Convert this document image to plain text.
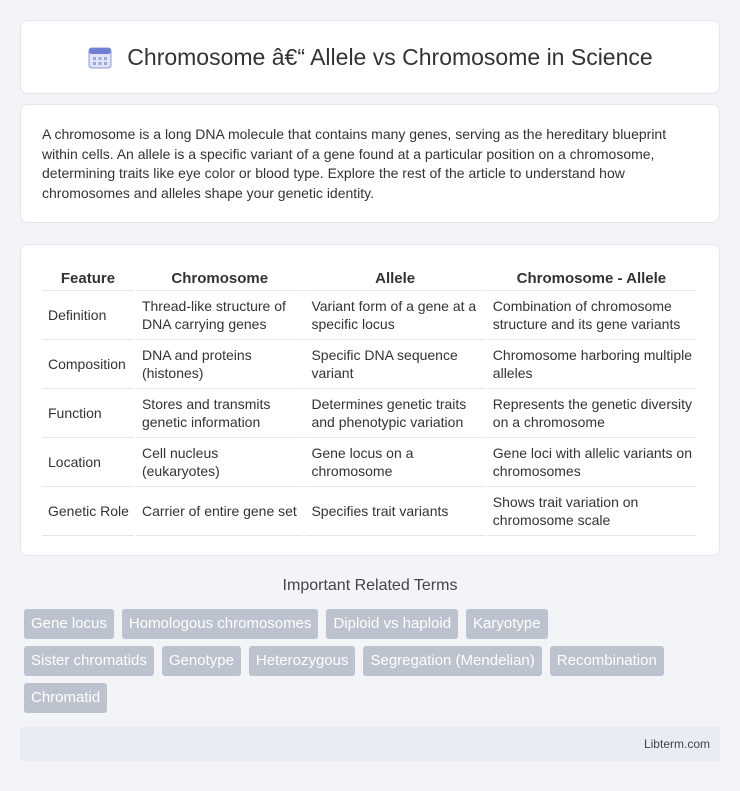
Chromosome â€“ Allele vs Chromosome in Science

A chromosome is a long DNA molecule that contains many genes, serving as the hereditary blueprint within cells. An allele is a specific variant of a gene found at a particular position on a chromosome, determining traits like eye color or blood type. Explore the rest of the article to understand how chromosomes and alleles shape your genetic identity.

Feature	Chromosome	Allele	Chromosome - Allele
Definition	Thread-like structure of DNA carrying genes	Variant form of a gene at a specific locus	Combination of chromosome structure and its gene variants
Composition	DNA and proteins (histones)	Specific DNA sequence variant	Chromosome harboring multiple alleles
Function	Stores and transmits genetic information	Determines genetic traits and phenotypic variation	Represents the genetic diversity on a chromosome
Location	Cell nucleus (eukaryotes)	Gene locus on a chromosome	Gene loci with allelic variants on chromosomes
Genetic Role	Carrier of entire gene set	Specifies trait variants	Shows trait variation on chromosome scale
Important Related Terms
Gene locus	Homologous chromosomes	Diploid vs haploid	Karyotype
Sister chromatids	Genotype	Heterozygous	Segregation (Mendelian)	Recombination
Chromatid
Libterm.com
